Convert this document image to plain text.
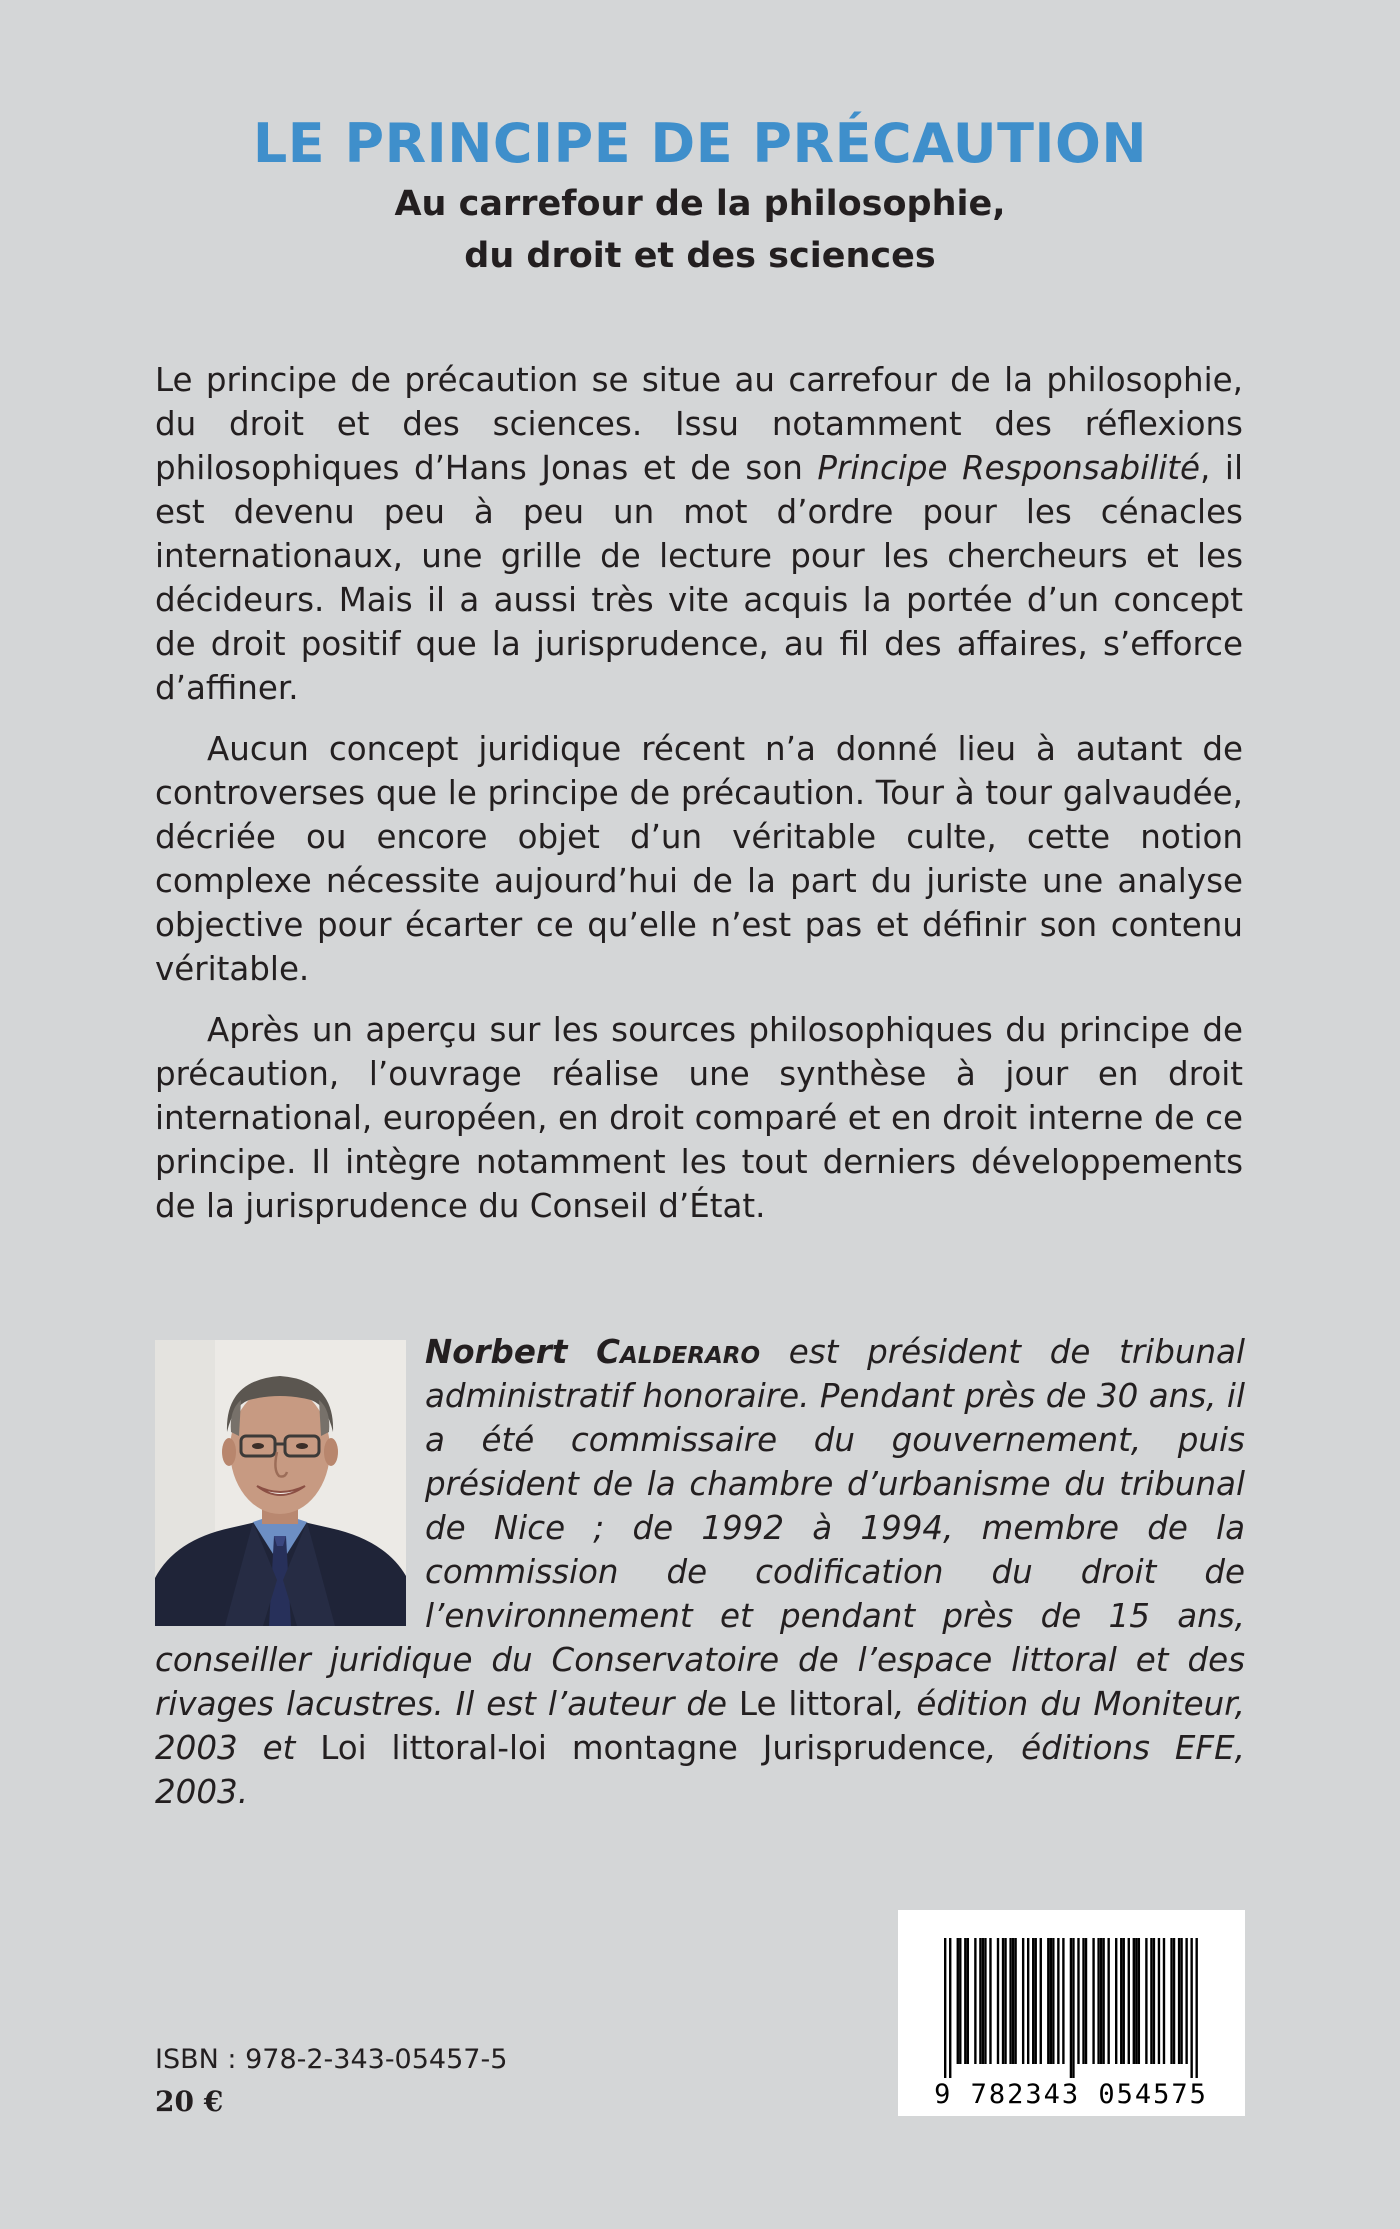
LE PRINCIPE DE PRÉCAUTION
Au carrefour de la philosophie,
du droit et des sciences

Le principe de précaution se situe au carrefour de la philosophie, du droit et des sciences. Issu notamment des réflexions philosophiques d’Hans Jonas et de son Principe Responsabilité, il est devenu peu à peu un mot d’ordre pour les cénacles internationaux, une grille de lecture pour les chercheurs et les décideurs. Mais il a aussi très vite acquis la portée d’un concept de droit positif que la jurisprudence, au fil des affaires, s’efforce d’affiner.

Aucun concept juridique récent n’a donné lieu à autant de controverses que le principe de précaution. Tour à tour galvaudée, décriée ou encore objet d’un véritable culte, cette notion complexe nécessite aujourd’hui de la part du juriste une analyse objective pour écarter ce qu’elle n’est pas et définir son contenu véritable.

Après un aperçu sur les sources philosophiques du principe de précaution, l’ouvrage réalise une synthèse à jour en droit international, européen, en droit comparé et en droit interne de ce principe. Il intègre notamment les tout derniers développements de la jurisprudence du Conseil d’État.

Norbert Calderaro est président de tribunal administratif honoraire. Pendant près de 30 ans, il a été commissaire du gouvernement, puis président de la chambre d’urbanisme du tribunal de Nice ; de 1992 à 1994, membre de la commission de codification du droit de l’environnement et pendant près de 15 ans, conseiller juridique du Conservatoire de l’espace littoral et des rivages lacustres. Il est l’auteur de Le littoral, édition du Moniteur, 2003 et Loi littoral-loi montagne Jurisprudence, éditions EFE, 2003.
9 782343 054575
ISBN : 978-2-343-05457-5
20 €
